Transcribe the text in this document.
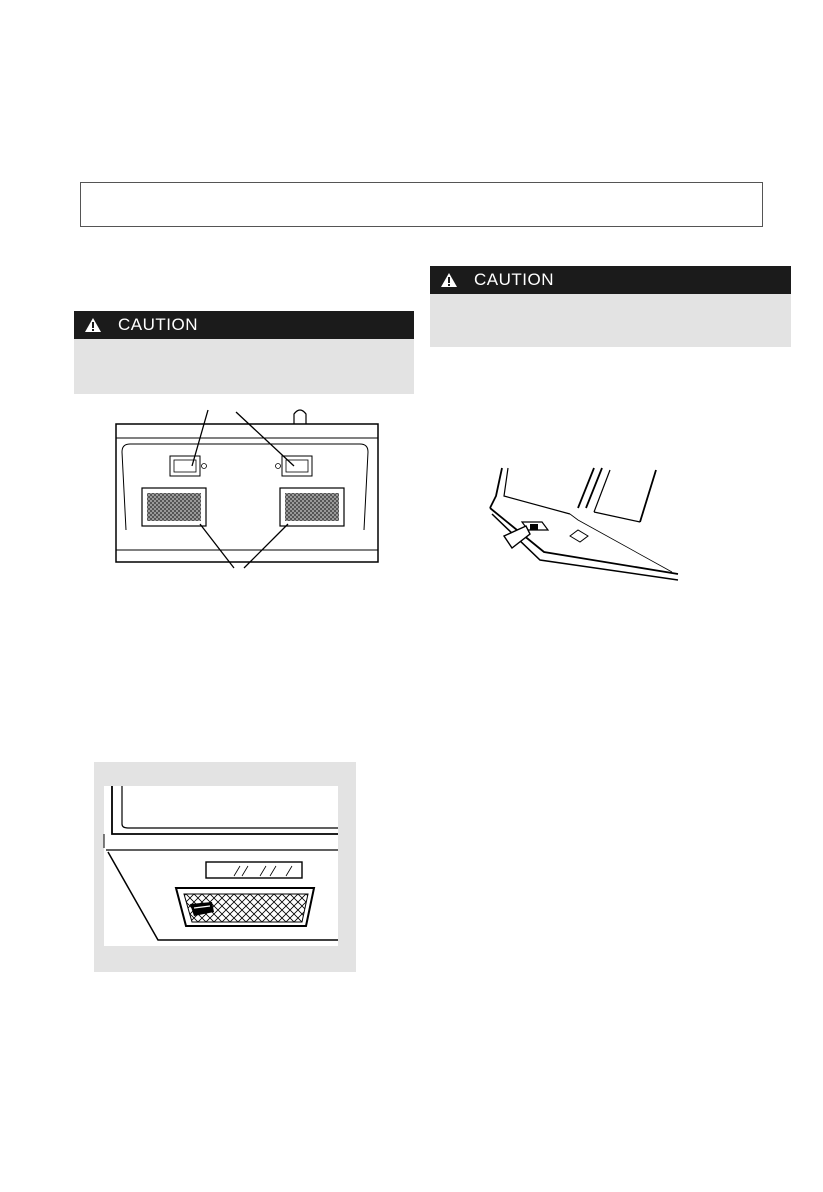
CAUTION
CAUTION
